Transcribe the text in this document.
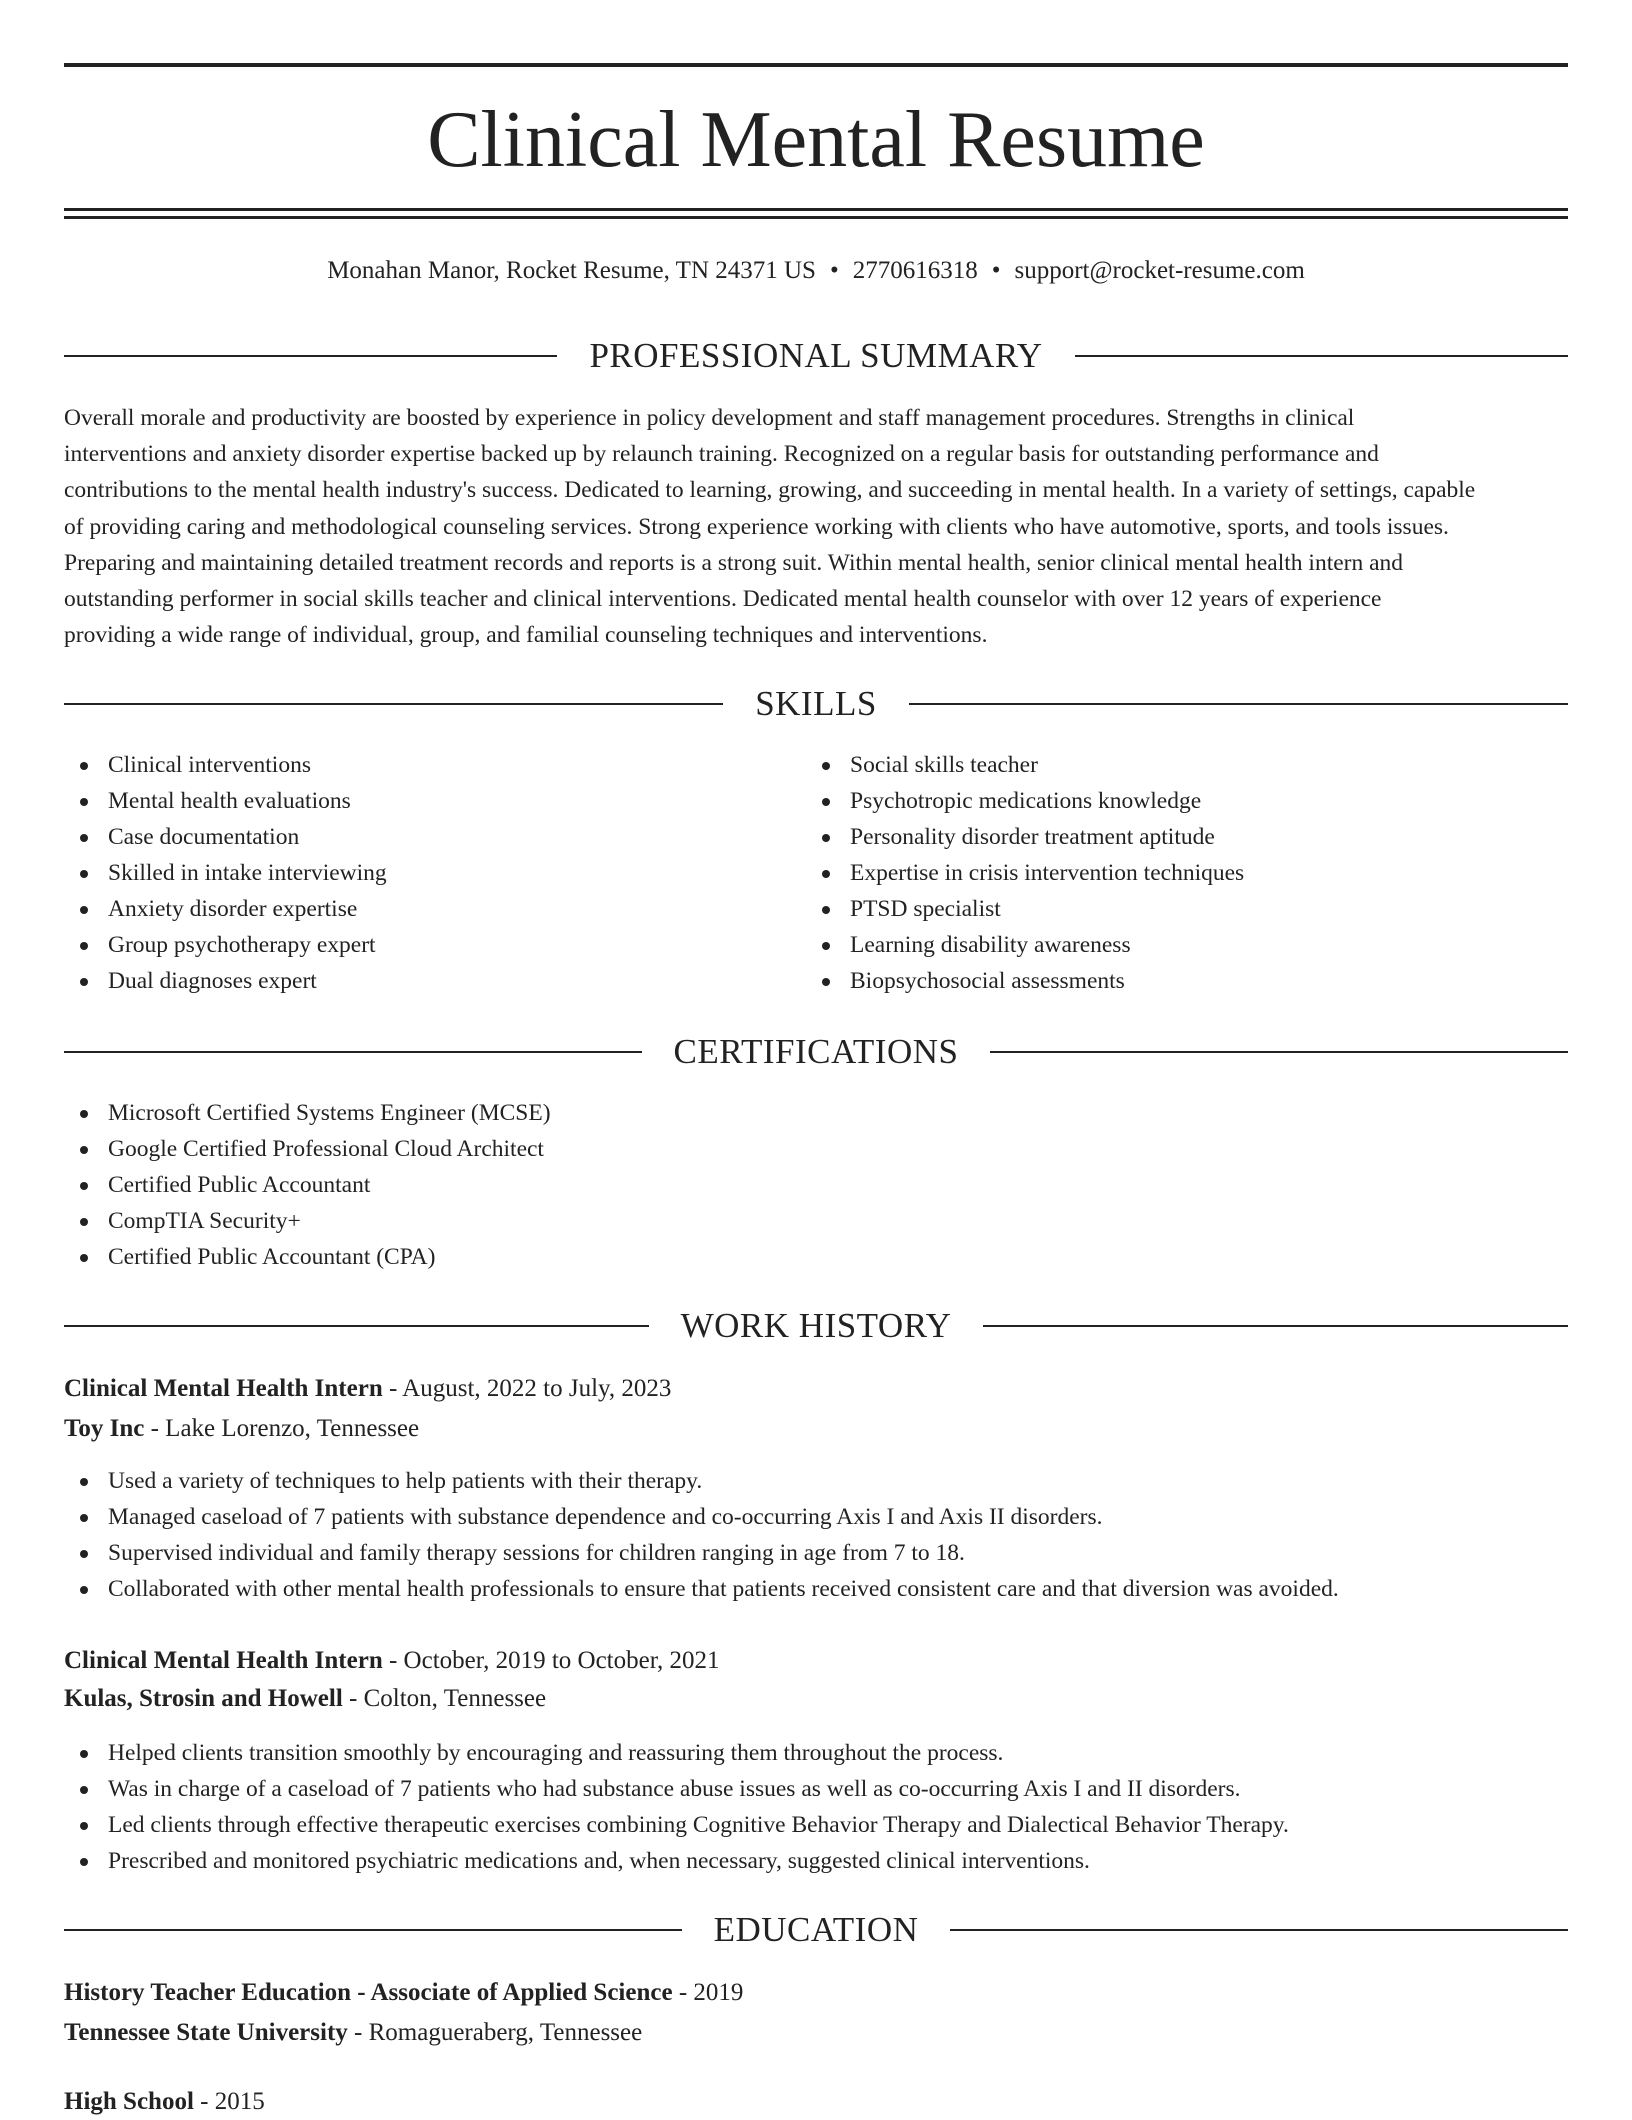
Clinical Mental Resume
Monahan Manor, Rocket Resume, TN 24371 US • 2770616318 • support@rocket-resume.com
PROFESSIONAL SUMMARY
Overall morale and productivity are boosted by experience in policy development and staff management procedures. Strengths in clinical
interventions and anxiety disorder expertise backed up by relaunch training. Recognized on a regular basis for outstanding performance and
contributions to the mental health industry's success. Dedicated to learning, growing, and succeeding in mental health. In a variety of settings, capable
of providing caring and methodological counseling services. Strong experience working with clients who have automotive, sports, and tools issues.
Preparing and maintaining detailed treatment records and reports is a strong suit. Within mental health, senior clinical mental health intern and
outstanding performer in social skills teacher and clinical interventions. Dedicated mental health counselor with over 12 years of experience
providing a wide range of individual, group, and familial counseling techniques and interventions.
SKILLS
Clinical interventions
Mental health evaluations
Case documentation
Skilled in intake interviewing
Anxiety disorder expertise
Group psychotherapy expert
Dual diagnoses expert
Social skills teacher
Psychotropic medications knowledge
Personality disorder treatment aptitude
Expertise in crisis intervention techniques
PTSD specialist
Learning disability awareness
Biopsychosocial assessments
CERTIFICATIONS
Microsoft Certified Systems Engineer (MCSE)
Google Certified Professional Cloud Architect
Certified Public Accountant
CompTIA Security+
Certified Public Accountant (CPA)
WORK HISTORY
Clinical Mental Health Intern - August, 2022 to July, 2023
Toy Inc - Lake Lorenzo, Tennessee
Used a variety of techniques to help patients with their therapy.
Managed caseload of 7 patients with substance dependence and co-occurring Axis I and Axis II disorders.
Supervised individual and family therapy sessions for children ranging in age from 7 to 18.
Collaborated with other mental health professionals to ensure that patients received consistent care and that diversion was avoided.
Clinical Mental Health Intern - October, 2019 to October, 2021
Kulas, Strosin and Howell - Colton, Tennessee
Helped clients transition smoothly by encouraging and reassuring them throughout the process.
Was in charge of a caseload of 7 patients who had substance abuse issues as well as co-occurring Axis I and II disorders.
Led clients through effective therapeutic exercises combining Cognitive Behavior Therapy and Dialectical Behavior Therapy.
Prescribed and monitored psychiatric medications and, when necessary, suggested clinical interventions.
EDUCATION
History Teacher Education - Associate of Applied Science - 2019
Tennessee State University - Romagueraberg, Tennessee
High School - 2015
